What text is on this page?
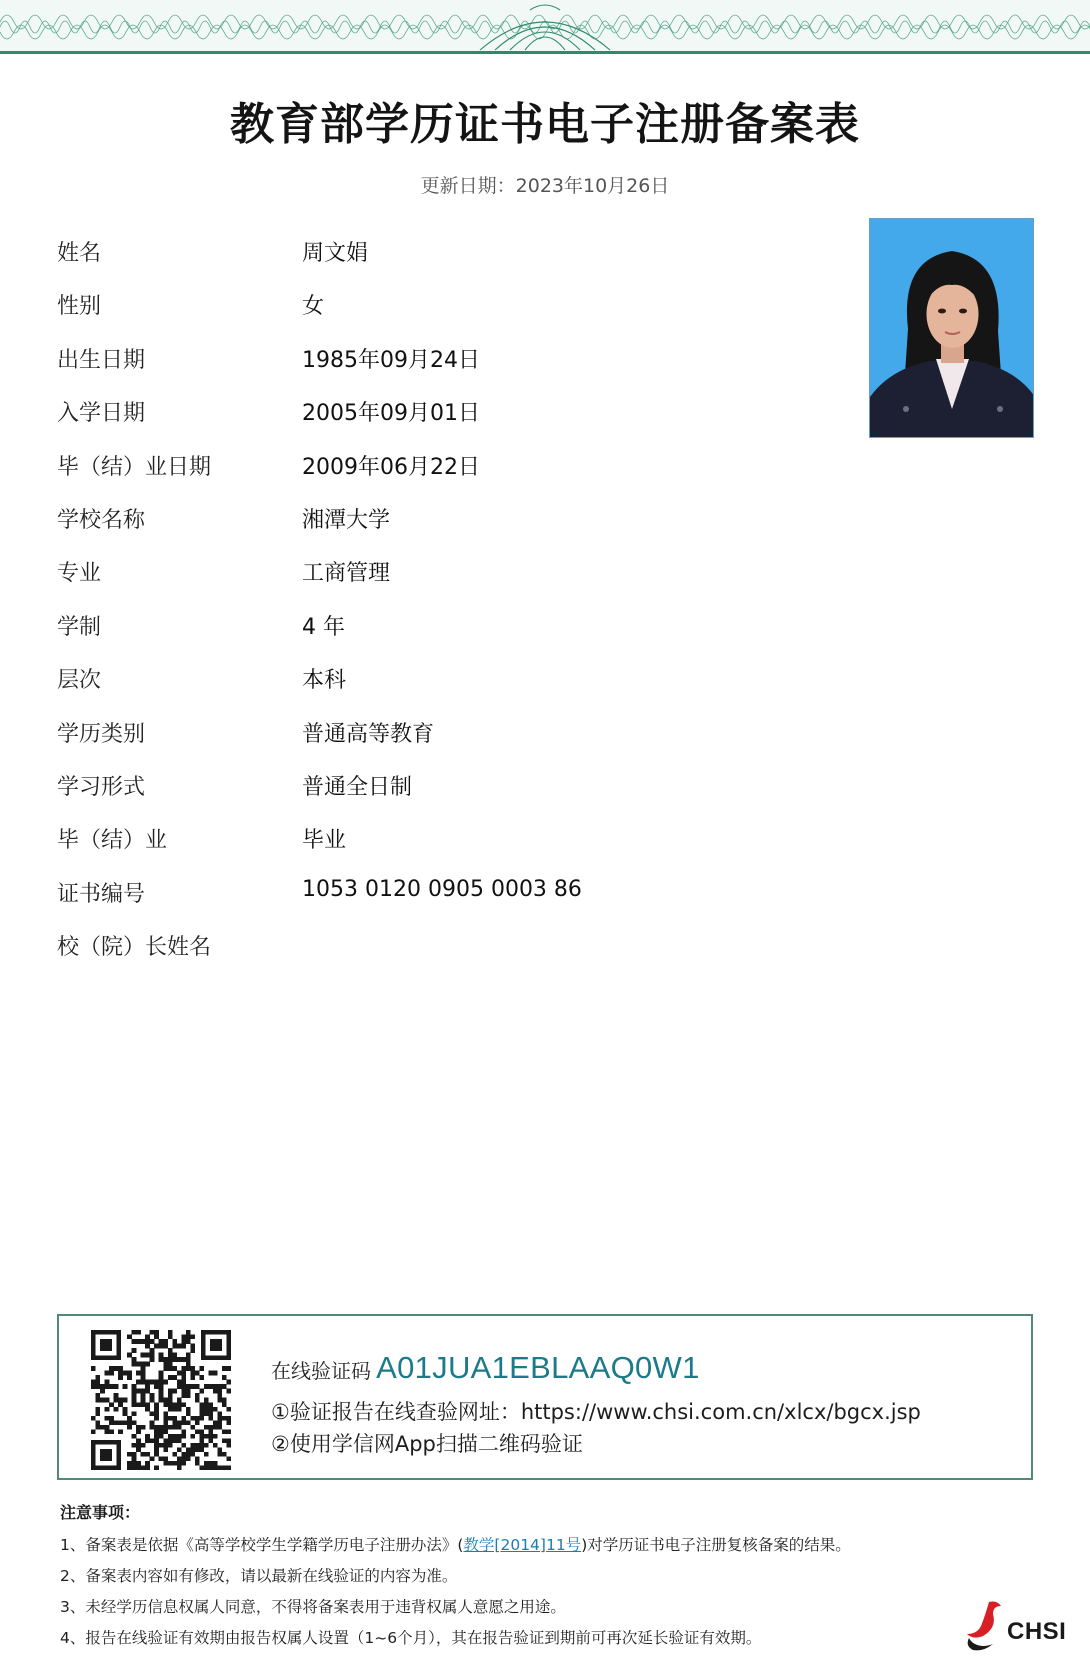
教育部学历证书电子注册备案表
更新日期：2023年10月26日
姓名	周文娟
性别	女
出生日期	1985年09月24日
入学日期	2005年09月01日
毕（结）业日期	2009年06月22日
学校名称	湘潭大学
专业	工商管理
学制	4 年
层次	本科
学历类别	普通高等教育
学习形式	普通全日制
毕（结）业	毕业
证书编号	1053 0120 0905 0003 86
校（院）长姓名
在线验证码 A01JUA1EBLAAQ0W1
①验证报告在线查验网址：https://www.chsi.com.cn/xlcx/bgcx.jsp
②使用学信网App扫描二维码验证
注意事项：
1、备案表是依据《高等学校学生学籍学历电子注册办法》(教学[2014]11号)对学历证书电子注册复核备案的结果。
2、备案表内容如有修改，请以最新在线验证的内容为准。
3、未经学历信息权属人同意，不得将备案表用于违背权属人意愿之用途。
4、报告在线验证有效期由报告权属人设置（1~6个月），其在报告验证到期前可再次延长验证有效期。	CHSI
